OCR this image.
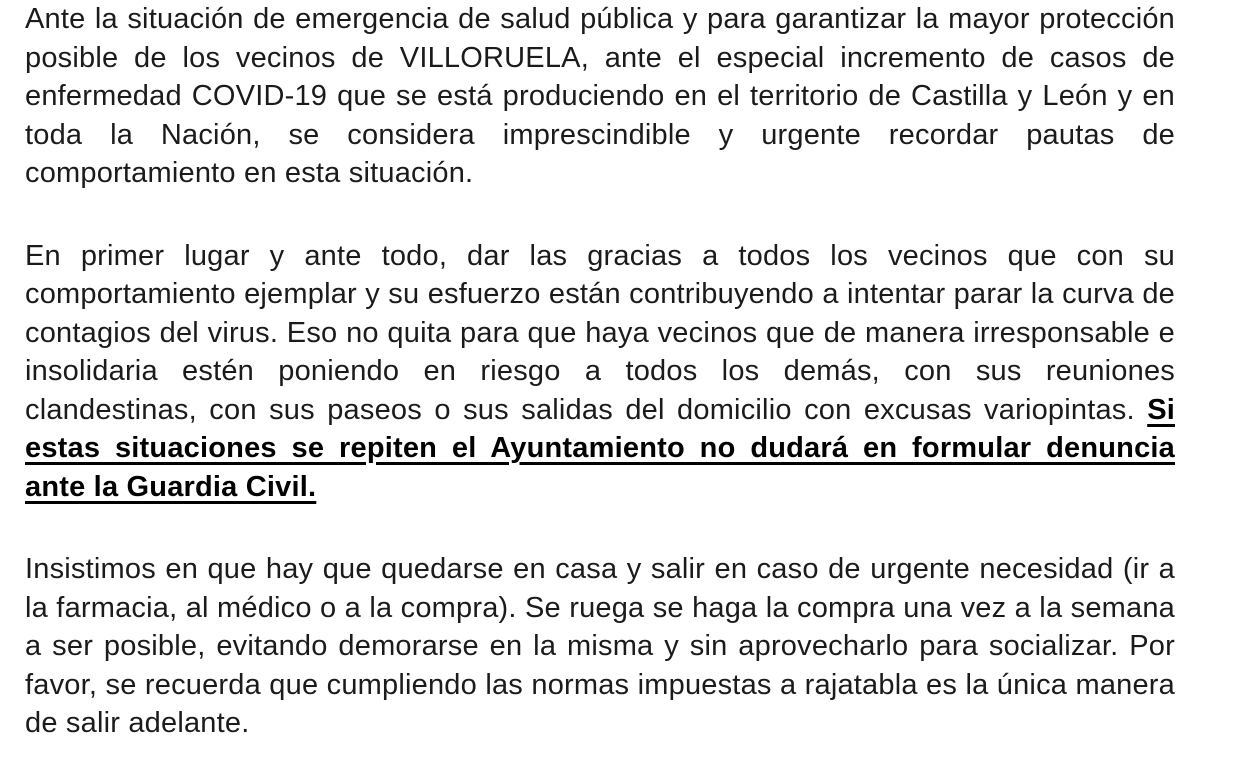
Ante la situación de emergencia de salud pública y para garantizar la mayor protección posible de los vecinos de VILLORUELA, ante el especial incremento de casos de enfermedad COVID-19 que se está produciendo en el territorio de Castilla y León y en toda la Nación, se considera imprescindible y urgente recordar pautas de comportamiento en esta situación.

En primer lugar y ante todo, dar las gracias a todos los vecinos que con su comportamiento ejemplar y su esfuerzo están contribuyendo a intentar parar la curva de contagios del virus. Eso no quita para que haya vecinos que de manera irresponsable e insolidaria estén poniendo en riesgo a todos los demás, con sus reuniones clandestinas, con sus paseos o sus salidas del domicilio con excusas variopintas. Si estas situaciones se repiten el Ayuntamiento no dudará en formular denuncia ante la Guardia Civil.

Insistimos en que hay que quedarse en casa y salir en caso de urgente necesidad (ir a la farmacia, al médico o a la compra). Se ruega se haga la compra una vez a la semana a ser posible, evitando demorarse en la misma y sin aprovecharlo para socializar. Por favor, se recuerda que cumpliendo las normas impuestas a rajatabla es la única manera de salir adelante.
